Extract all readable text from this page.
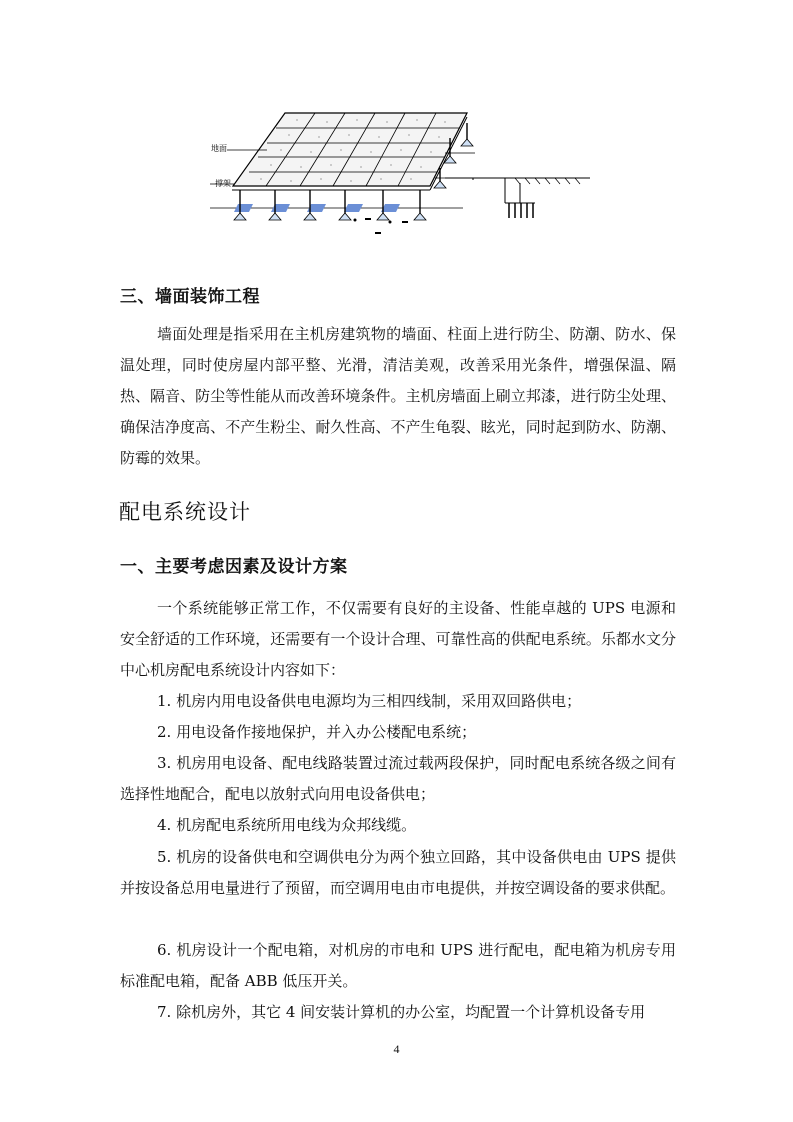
地面
撑架
三、墙面装饰工程

墙面处理是指采用在主机房建筑物的墙面、柱面上进行防尘、防潮、防水、保温处理，同时使房屋内部平整、光滑，清洁美观，改善采用光条件，增强保温、隔热、隔音、防尘等性能从而改善环境条件。主机房墙面上刷立邦漆，进行防尘处理、确保洁净度高、不产生粉尘、耐久性高、不产生龟裂、眩光，同时起到防水、防潮、防霉的效果。

配电系统设计
一、主要考虑因素及设计方案

一个系统能够正常工作，不仅需要有良好的主设备、性能卓越的 UPS 电源和安全舒适的工作环境，还需要有一个设计合理、可靠性高的供配电系统。乐都水文分中心机房配电系统设计内容如下：

1. 机房内用电设备供电电源均为三相四线制，采用双回路供电；

2. 用电设备作接地保护，并入办公楼配电系统；

3. 机房用电设备、配电线路装置过流过载两段保护，同时配电系统各级之间有选择性地配合，配电以放射式向用电设备供电；

4. 机房配电系统所用电线为众邦线缆。

5. 机房的设备供电和空调供电分为两个独立回路，其中设备供电由 UPS 提供并按设备总用电量进行了预留，而空调用电由市电提供，并按空调设备的要求供配。

6. 机房设计一个配电箱，对机房的市电和 UPS 进行配电，配电箱为机房专用标准配电箱，配备 ABB 低压开关。

7. 除机房外，其它 4 间安装计算机的办公室，均配置一个计算机设备专用

4
